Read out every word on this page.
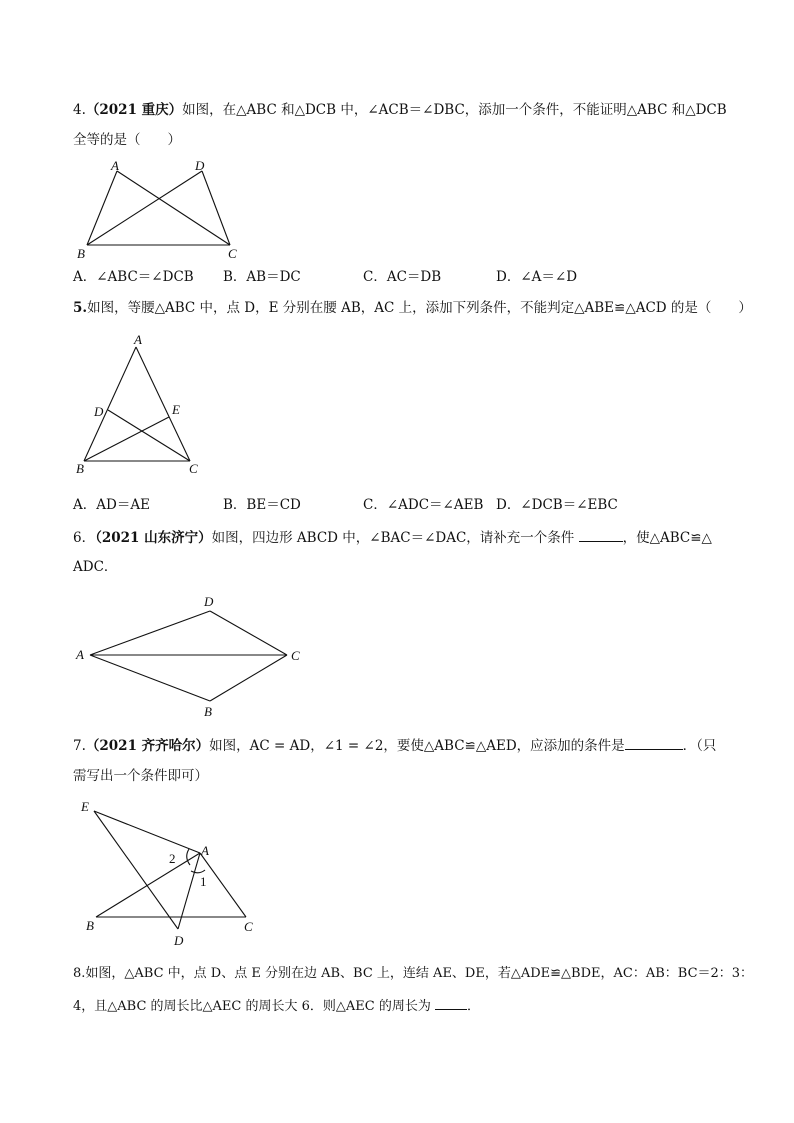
4.（2021 重庆）如图，在△ABC 和△DCB 中，∠ACB＝∠DBC，添加一个条件，不能证明△ABC 和△DCB
全等的是（　　）
A	D
B	C
A．∠ABC＝∠DCB B．AB＝DC	C．AC＝DB	D．∠A＝∠D
5.如图，等腰△ABC 中，点 D，E 分别在腰 AB，AC 上，添加下列条件，不能判定△ABE≌△ACD 的是（　　）
A
D	E
B	C
A．AD＝AE	B．BE＝CD	C．∠ADC＝∠AEB D．∠DCB＝∠EBC
6．（2021 山东济宁）如图，四边形 ABCD 中，∠BAC＝∠DAC，请补充一个条件	，使△ABC≌△
ADC．
D
A	C
B
7.（2021 齐齐哈尔）如图，AC = AD，∠1 = ∠2，要使△ABC≌△AED，应添加的条件是	．（只
需写出一个条件即可）
E
A
2
1
B
D
C
8.如图，△ABC 中，点 D、点 E 分别在边 AB、BC 上，连结 AE、DE，若△ADE≌△BDE，AC：AB：BC＝2：3：
4，且△ABC 的周长比△AEC 的周长大 6．则△AEC 的周长为 ．
